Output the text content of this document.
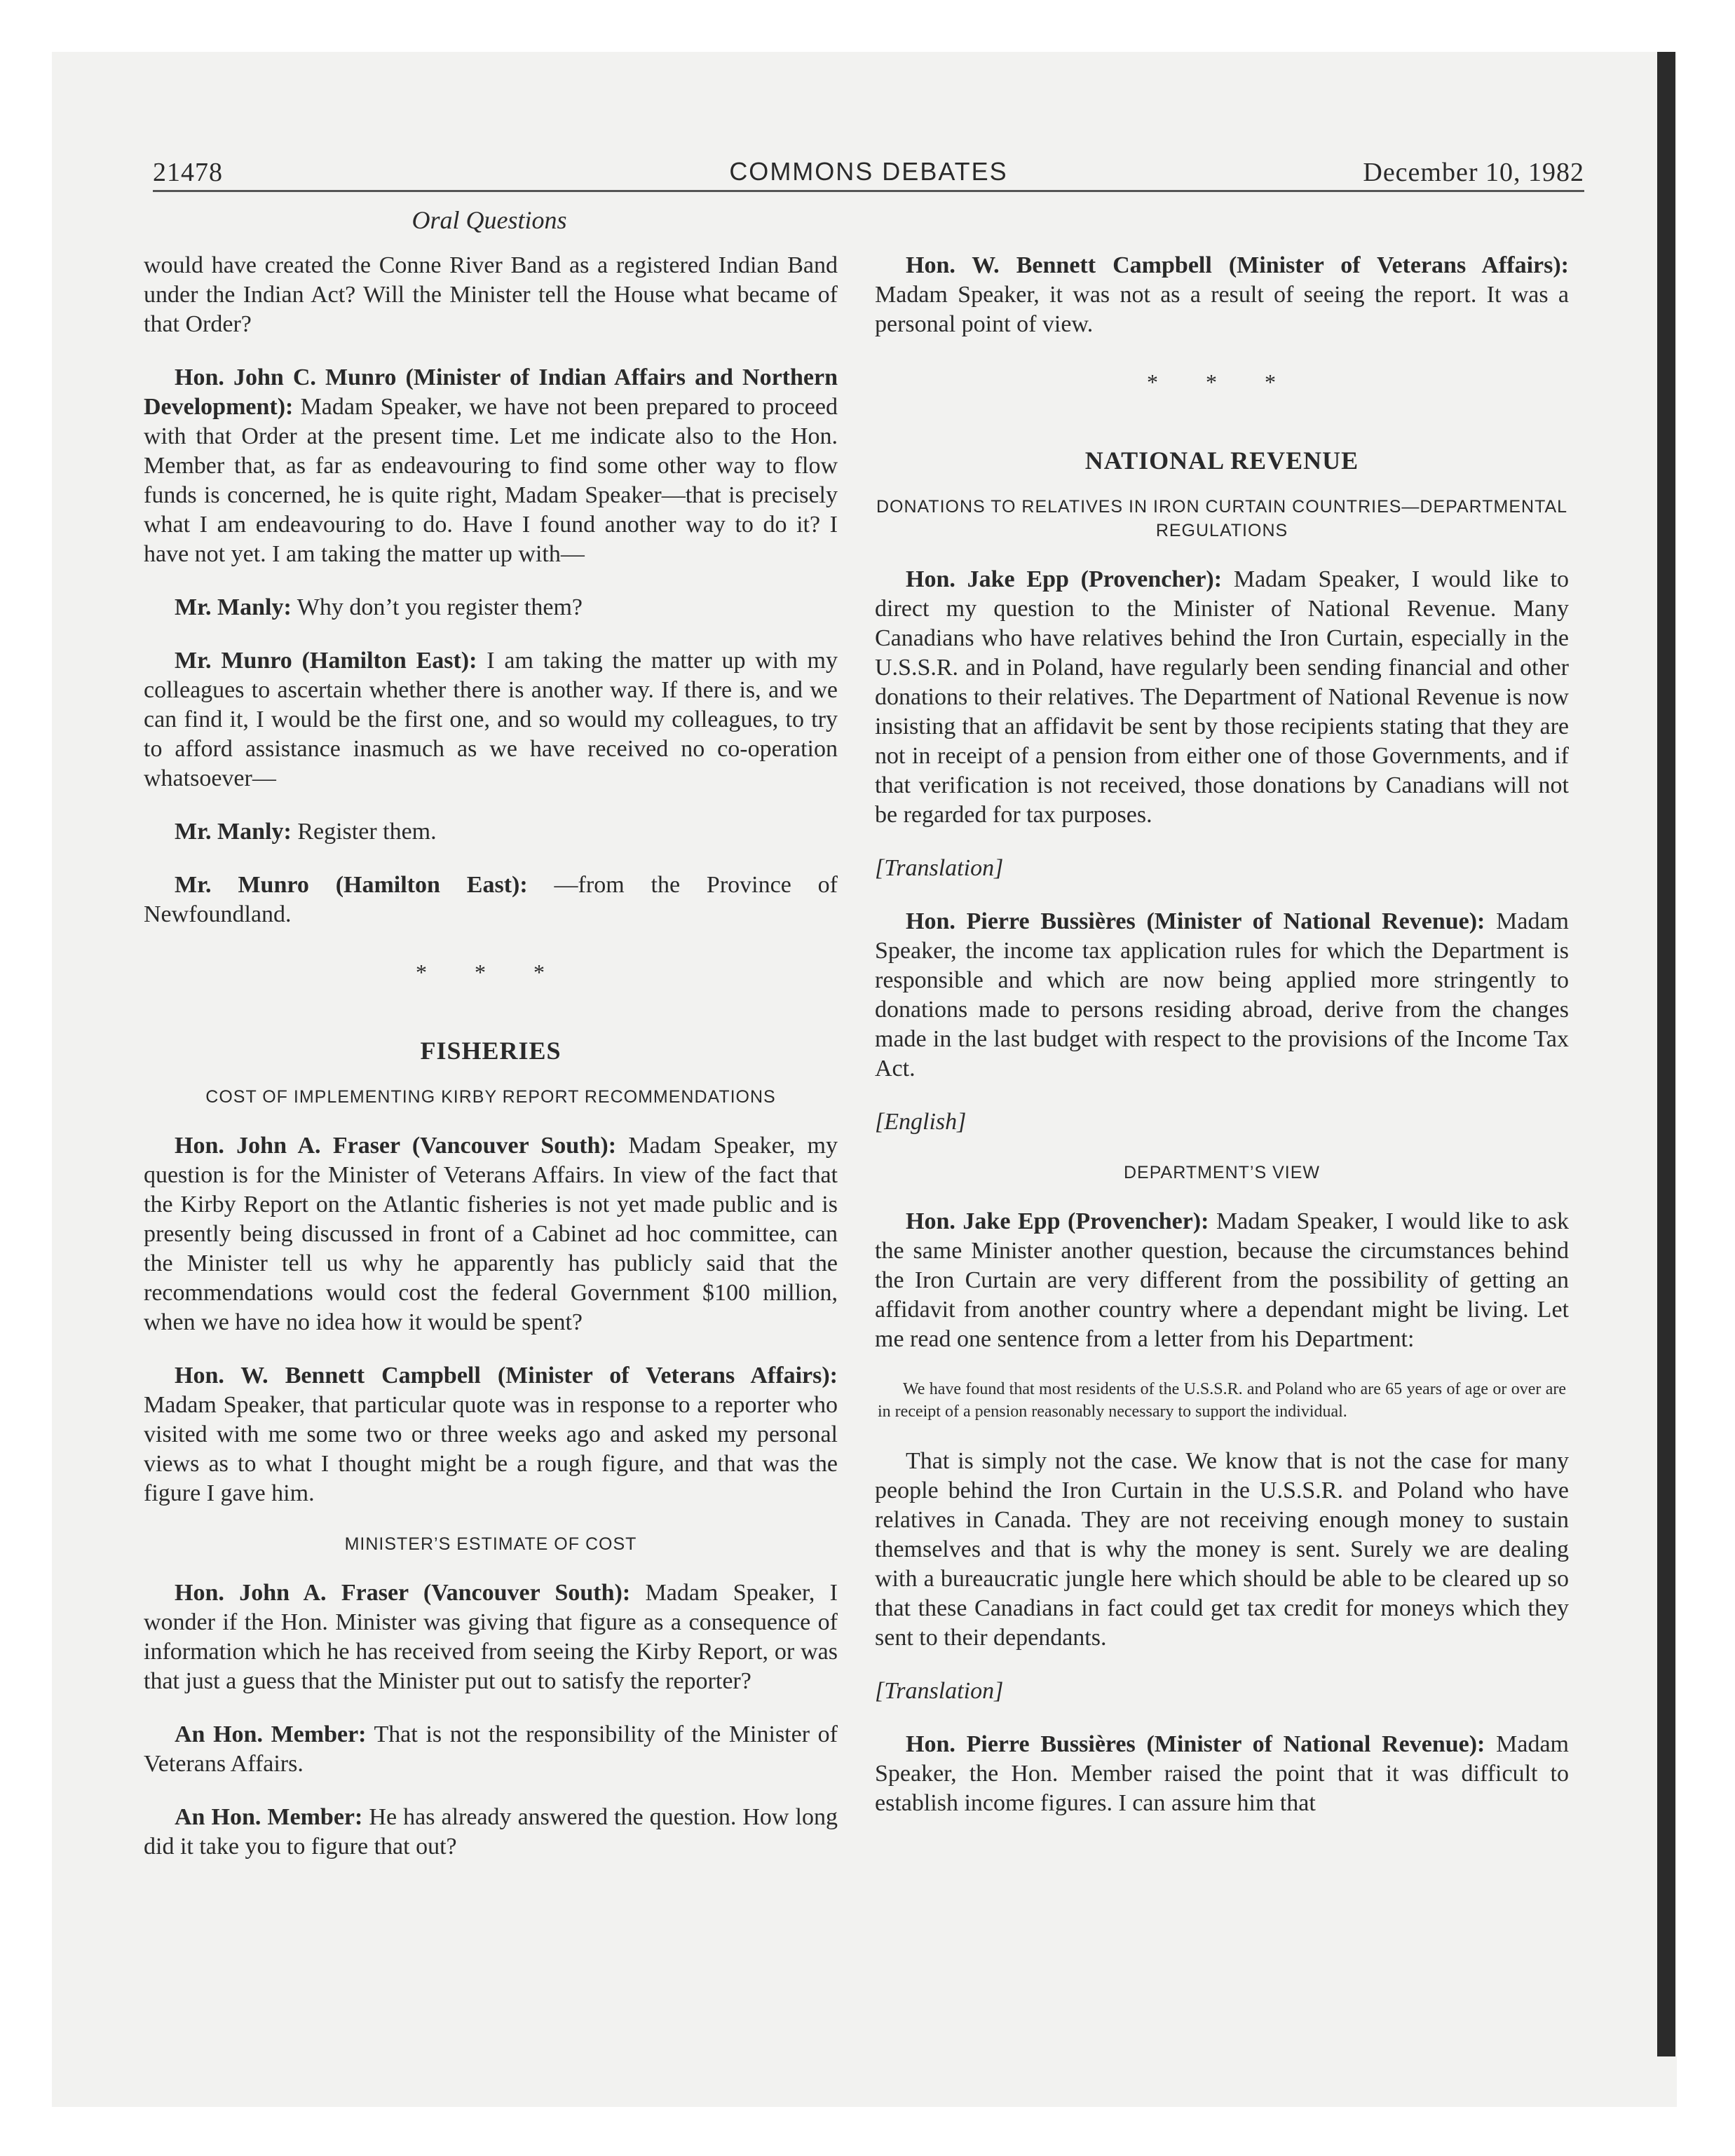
21478	COMMONS DEBATES	December 10, 1982
Oral Questions

would have created the Conne River Band as a registered Indian Band under the Indian Act? Will the Minister tell the House what became of that Order?

Hon. John C. Munro (Minister of Indian Affairs and Northern Development): Madam Speaker, we have not been prepared to proceed with that Order at the present time. Let me indicate also to the Hon. Member that, as far as endeavouring to find some other way to flow funds is concerned, he is quite right, Madam Speaker—that is precisely what I am endeavouring to do. Have I found another way to do it? I have not yet. I am taking the matter up with—

Mr. Manly: Why don’t you register them?

Mr. Munro (Hamilton East): I am taking the matter up with my colleagues to ascertain whether there is another way. If there is, and we can find it, I would be the first one, and so would my colleagues, to try to afford assistance inasmuch as we have received no co-operation whatsoever—

Mr. Manly: Register them.

Mr. Munro (Hamilton East): —from the Province of Newfoundland.

* * *
FISHERIES
COST OF IMPLEMENTING KIRBY REPORT RECOMMENDATIONS

Hon. John A. Fraser (Vancouver South): Madam Speaker, my question is for the Minister of Veterans Affairs. In view of the fact that the Kirby Report on the Atlantic fisheries is not yet made public and is presently being discussed in front of a Cabinet ad hoc committee, can the Minister tell us why he apparently has publicly said that the recommendations would cost the federal Government $100 million, when we have no idea how it would be spent?

Hon. W. Bennett Campbell (Minister of Veterans Affairs): Madam Speaker, that particular quote was in response to a reporter who visited with me some two or three weeks ago and asked my personal views as to what I thought might be a rough figure, and that was the figure I gave him.

MINISTER’S ESTIMATE OF COST

Hon. John A. Fraser (Vancouver South): Madam Speaker, I wonder if the Hon. Minister was giving that figure as a consequence of information which he has received from seeing the Kirby Report, or was that just a guess that the Minister put out to satisfy the reporter?

An Hon. Member: That is not the responsibility of the Minister of Veterans Affairs.

An Hon. Member: He has already answered the question. How long did it take you to figure that out?

Hon. W. Bennett Campbell (Minister of Veterans Affairs): Madam Speaker, it was not as a result of seeing the report. It was a personal point of view.

* * *
NATIONAL REVENUE
DONATIONS TO RELATIVES IN IRON CURTAIN COUNTRIES—DEPARTMENTAL REGULATIONS

Hon. Jake Epp (Provencher): Madam Speaker, I would like to direct my question to the Minister of National Revenue. Many Canadians who have relatives behind the Iron Curtain, especially in the U.S.S.R. and in Poland, have regularly been sending financial and other donations to their relatives. The Department of National Revenue is now insisting that an affidavit be sent by those recipients stating that they are not in receipt of a pension from either one of those Governments, and if that verification is not received, those donations by Canadians will not be regarded for tax purposes.

[Translation]

Hon. Pierre Bussières (Minister of National Revenue): Madam Speaker, the income tax application rules for which the Department is responsible and which are now being applied more stringently to donations made to persons residing abroad, derive from the changes made in the last budget with respect to the provisions of the Income Tax Act.

[English]
DEPARTMENT’S VIEW

Hon. Jake Epp (Provencher): Madam Speaker, I would like to ask the same Minister another question, because the circumstances behind the Iron Curtain are very different from the possibility of getting an affidavit from another country where a dependant might be living. Let me read one sentence from a letter from his Department:

We have found that most residents of the U.S.S.R. and Poland who are 65 years of age or over are in receipt of a pension reasonably necessary to support the individual.

That is simply not the case. We know that is not the case for many people behind the Iron Curtain in the U.S.S.R. and Poland who have relatives in Canada. They are not receiving enough money to sustain themselves and that is why the money is sent. Surely we are dealing with a bureaucratic jungle here which should be able to be cleared up so that these Canadians in fact could get tax credit for moneys which they sent to their dependants.

[Translation]

Hon. Pierre Bussières (Minister of National Revenue): Madam Speaker, the Hon. Member raised the point that it was difficult to establish income figures. I can assure him that
